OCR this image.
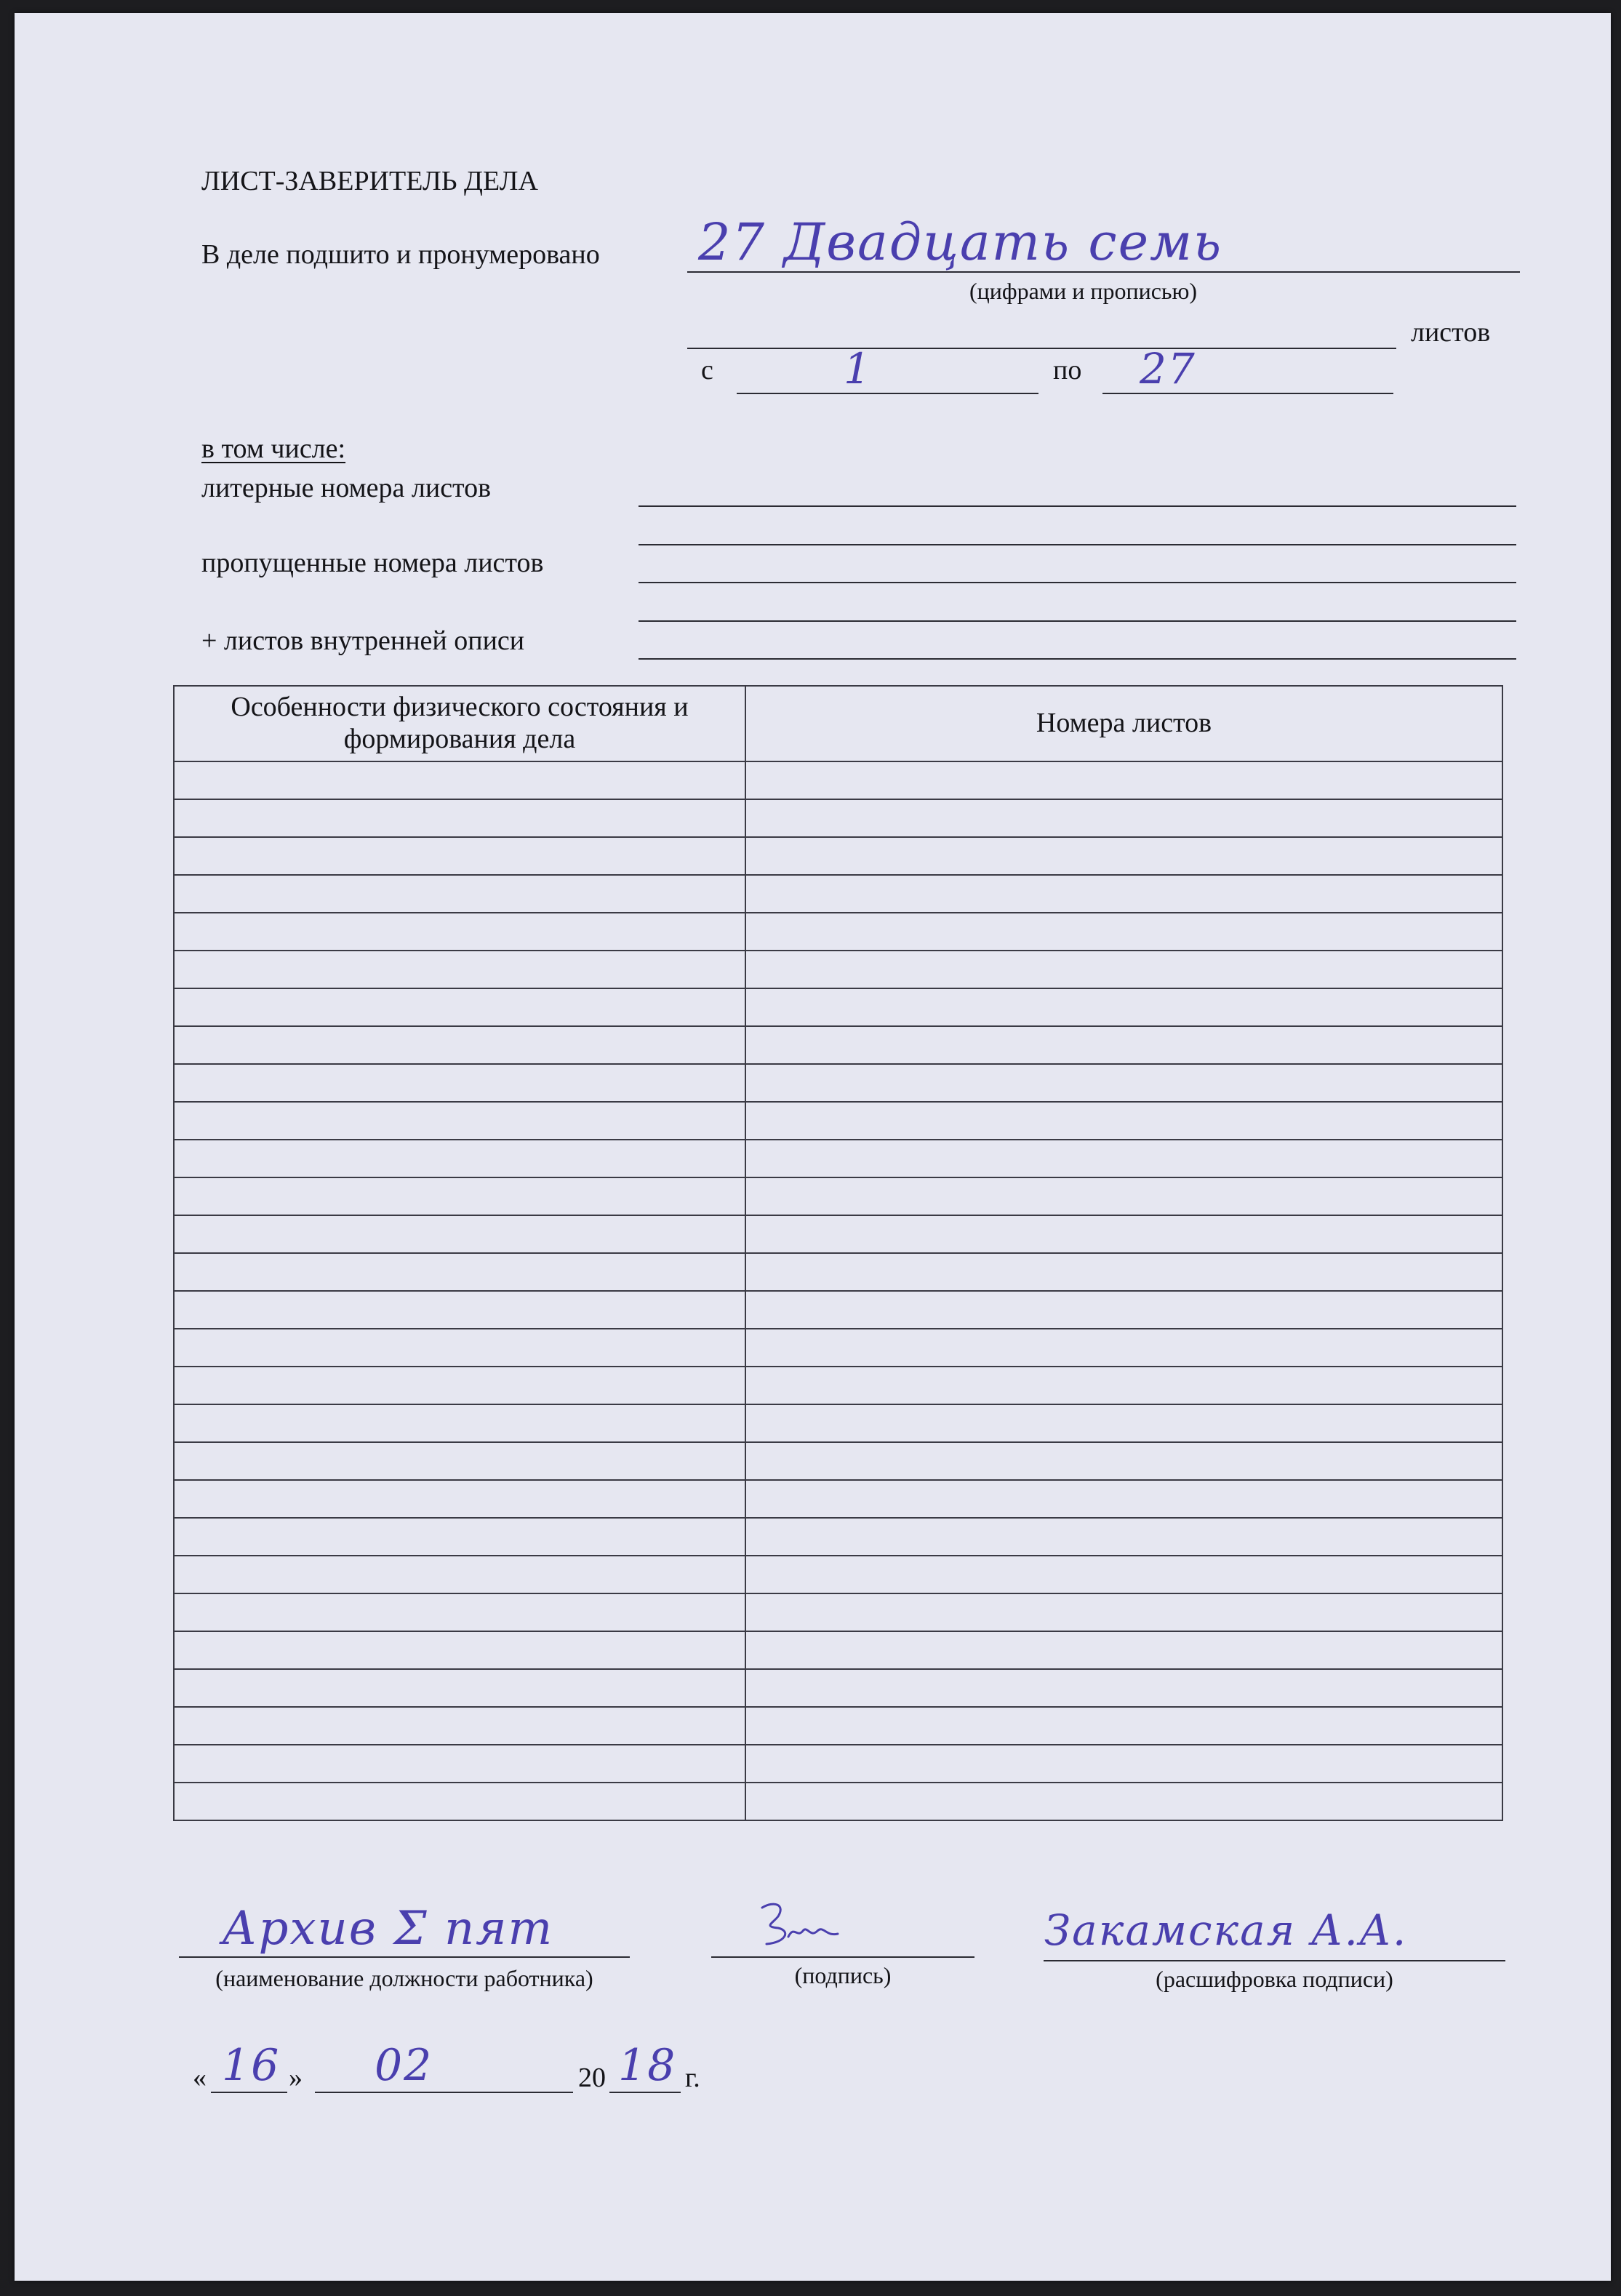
ЛИСТ-ЗАВЕРИТЕЛЬ ДЕЛА
В деле подшито и пронумеровано 27 Двадцать семь
(цифрами и прописью)
листов
с	1	по 27
в том числе:
литерные номера листов
пропущенные номера листов
+ листов внутренней описи
Особенности физического состояния и формирования дела	Номера листов

Архив Σ пят
(наименование должности работника)	(подпись)
Закамская А.А.
(расшифровка подписи)
« 16 » 02	20 18 г.
